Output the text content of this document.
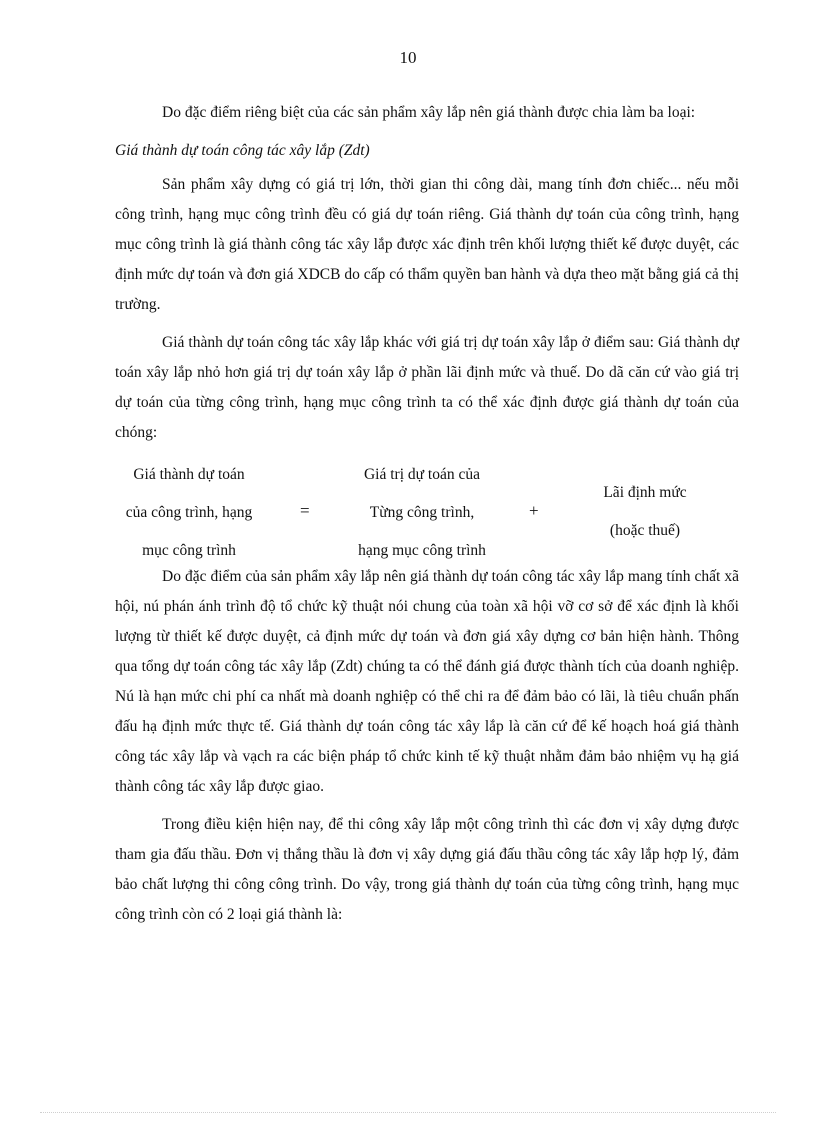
10

Do đặc điểm riêng biệt của các sản phẩm xây lắp nên giá thành được chia làm ba loại:

Giá thành dự toán công tác xây lắp (Zdt)

Sản phẩm xây dựng có giá trị lớn, thời gian thi công dài, mang tính đơn chiếc... nếu mỗi công trình, hạng mục công trình đều có giá dự toán riêng. Giá thành dự toán của công trình, hạng mục công trình là giá thành công tác xây lắp được xác định trên khối lượng thiết kế được duyệt, các định mức dự toán và đơn giá XDCB do cấp có thẩm quyền ban hành và dựa theo mặt bằng giá cả thị trường.

Giá thành dự toán công tác xây lắp khác với giá trị dự toán xây lắp ở điểm sau: Giá thành dự toán xây lắp nhỏ hơn giá trị dự toán xây lắp ở phần lãi định mức và thuế. Do dã căn cứ vào giá trị dự toán của từng công trình, hạng mục công trình ta có thể xác định được giá thành dự toán của chóng:

Giá thành dự toán
của công trình, hạng
mục công trình
=
Giá trị dự toán của
Từng công trình,
hạng mục công trình
+
Lãi định mức
(hoặc thuế)

Do đặc điểm của sản phẩm xây lắp nên giá thành dự toán công tác xây lắp mang tính chất xã hội, nú phán ánh trình độ tổ chức kỹ thuật nói chung của toàn xã hội vỡ cơ sở để xác định là khối lượng từ thiết kế được duyệt, cả định mức dự toán và đơn giá xây dựng cơ bản hiện hành. Thông qua tổng dự toán công tác xây lắp (Zdt) chúng ta có thể đánh giá được thành tích của doanh nghiệp. Nú là hạn mức chi phí ca nhất mà doanh nghiệp có thể chi ra để đảm bảo có lãi, là tiêu chuẩn phấn đấu hạ định mức thực tế. Giá thành dự toán công tác xây lắp là căn cứ để kế hoạch hoá giá thành công tác xây lắp và vạch ra các biện pháp tổ chức kinh tế kỹ thuật nhằm đảm bảo nhiệm vụ hạ giá thành công tác xây lắp được giao.

Trong điều kiện hiện nay, để thi công xây lắp một công trình thì các đơn vị xây dựng được tham gia đấu thầu. Đơn vị thắng thầu là đơn vị xây dựng giá đấu thầu công tác xây lắp hợp lý, đảm bảo chất lượng thi công công trình. Do vậy, trong giá thành dự toán của từng công trình, hạng mục công trình còn có 2 loại giá thành là:
